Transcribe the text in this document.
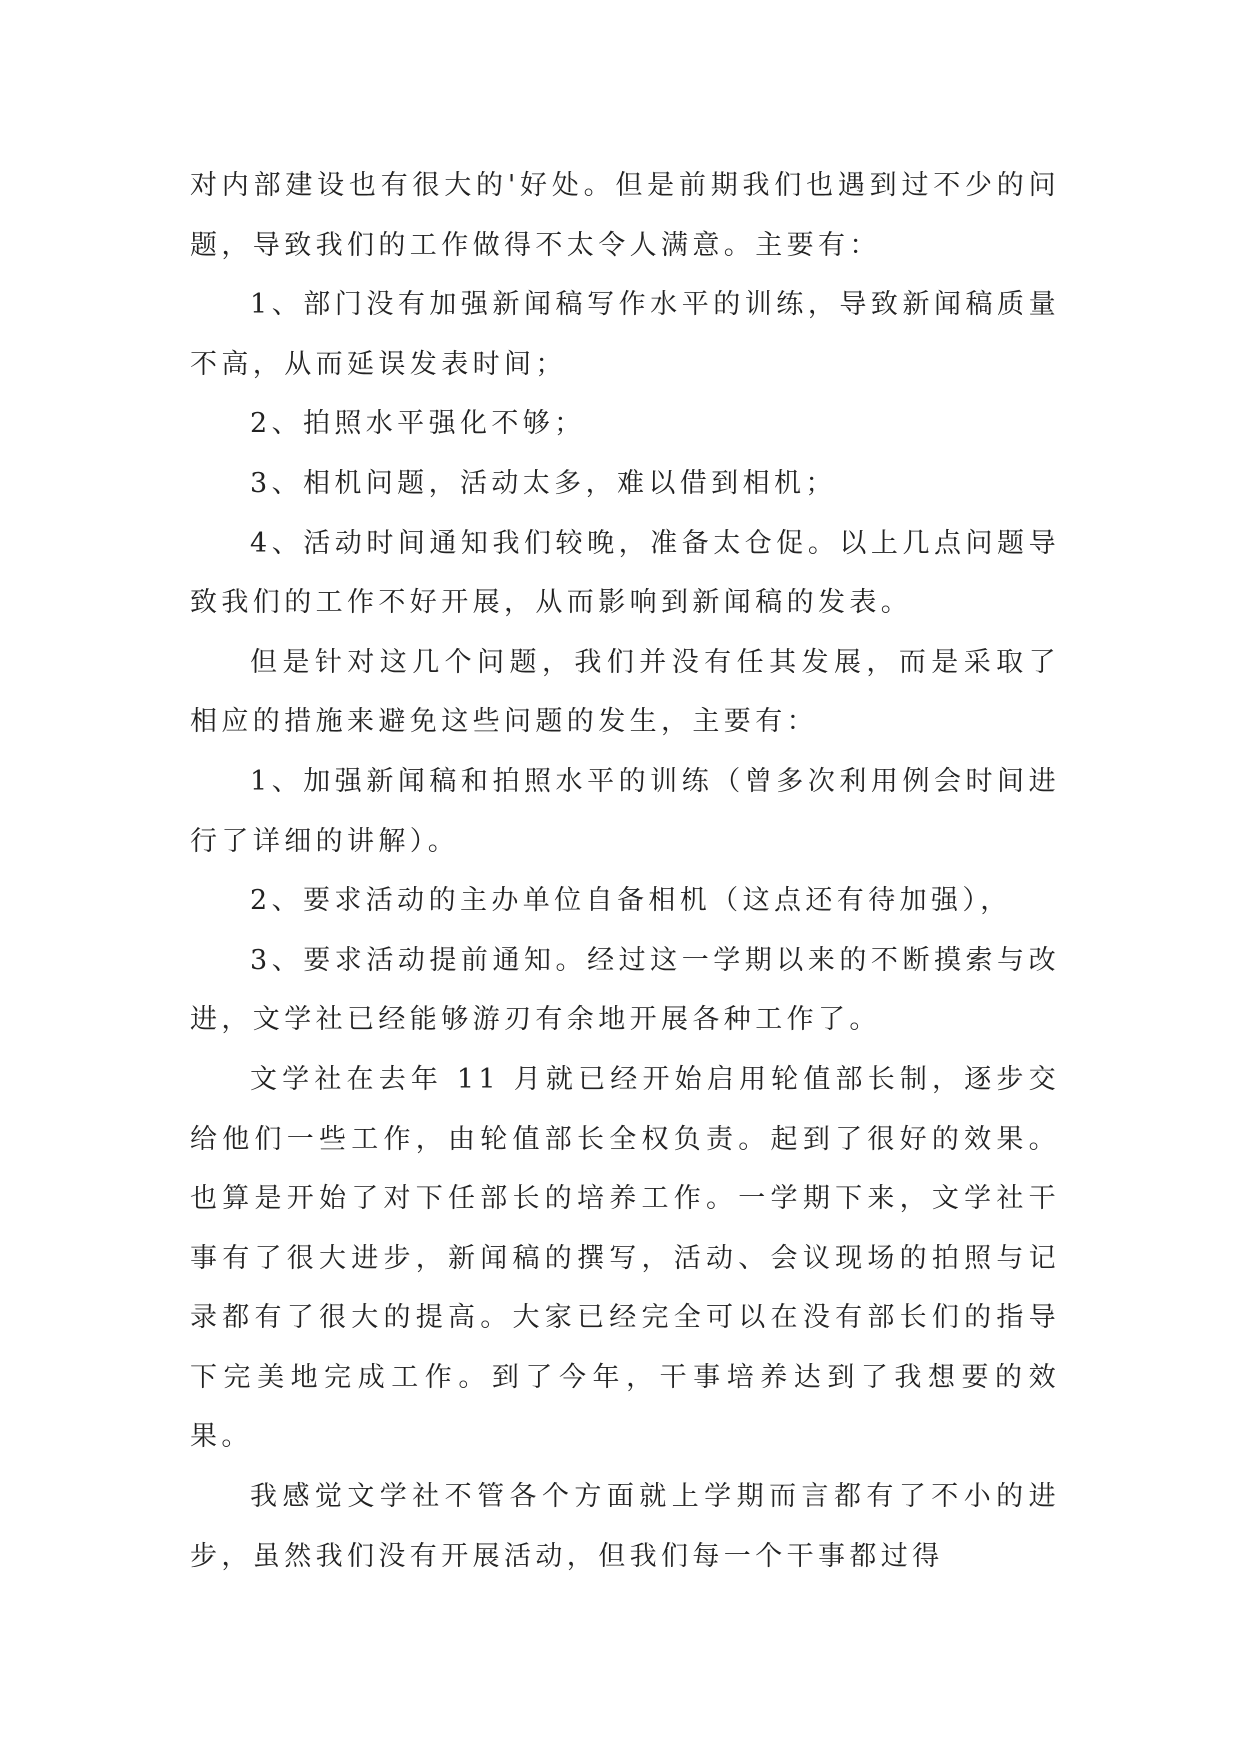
对内部建设也有很大的'好处。但是前期我们也遇到过不少的问题，导致我们的工作做得不太令人满意。主要有：

1、部门没有加强新闻稿写作水平的训练，导致新闻稿质量不高，从而延误发表时间；

2、拍照水平强化不够；

3、相机问题，活动太多，难以借到相机；

4、活动时间通知我们较晚，准备太仓促。以上几点问题导致我们的工作不好开展，从而影响到新闻稿的发表。

但是针对这几个问题，我们并没有任其发展，而是采取了相应的措施来避免这些问题的发生，主要有：

1、加强新闻稿和拍照水平的训练（曾多次利用例会时间进行了详细的讲解）。

2、要求活动的主办单位自备相机（这点还有待加强），

3、要求活动提前通知。经过这一学期以来的不断摸索与改进，文学社已经能够游刃有余地开展各种工作了。

文学社在去年 11 月就已经开始启用轮值部长制，逐步交给他们一些工作，由轮值部长全权负责。起到了很好的效果。也算是开始了对下任部长的培养工作。一学期下来，文学社干事有了很大进步，新闻稿的撰写，活动、会议现场的拍照与记录都有了很大的提高。大家已经完全可以在没有部长们的指导下完美地完成工作。到了今年，干事培养达到了我想要的效果。

我感觉文学社不管各个方面就上学期而言都有了不小的进步，虽然我们没有开展活动，但我们每一个干事都过得
